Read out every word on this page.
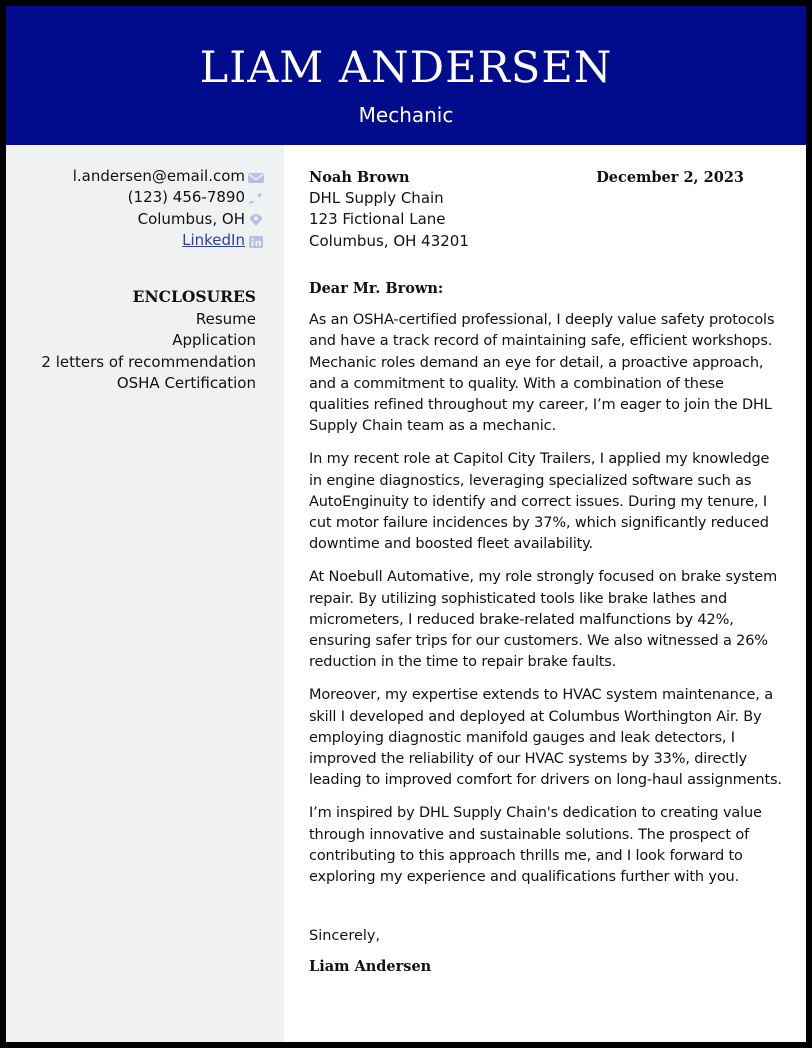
LIAM ANDERSEN
Mechanic
l.andersen@email.com
(123) 456-7890
Columbus, OH
LinkedIn
ENCLOSURES
Resume
Application
2 letters of recommendation
OSHA Certification
Noah Brown
DHL Supply Chain
123 Fictional Lane
Columbus, OH 43201
December 2, 2023
Dear Mr. Brown:

As an OSHA-certified professional, I deeply value safety protocols and have a track record of maintaining safe, efficient workshops. Mechanic roles demand an eye for detail, a proactive approach, and a commitment to quality. With a combination of these qualities refined throughout my career, I’m eager to join the DHL Supply Chain team as a mechanic.

In my recent role at Capitol City Trailers, I applied my knowledge in engine diagnostics, leveraging specialized software such as AutoEnginuity to identify and correct issues. During my tenure, I cut motor failure incidences by 37%, which significantly reduced downtime and boosted fleet availability.

At Noebull Automative, my role strongly focused on brake system repair. By utilizing sophisticated tools like brake lathes and micrometers, I reduced brake-related malfunctions by 42%, ensuring safer trips for our customers. We also witnessed a 26% reduction in the time to repair brake faults.

Moreover, my expertise extends to HVAC system maintenance, a skill I developed and deployed at Columbus Worthington Air. By employing diagnostic manifold gauges and leak detectors, I improved the reliability of our HVAC systems by 33%, directly leading to improved comfort for drivers on long-haul assignments.

I’m inspired by DHL Supply Chain's dedication to creating value through innovative and sustainable solutions. The prospect of contributing to this approach thrills me, and I look forward to exploring my experience and qualifications further with you.

Sincerely,
Liam Andersen
